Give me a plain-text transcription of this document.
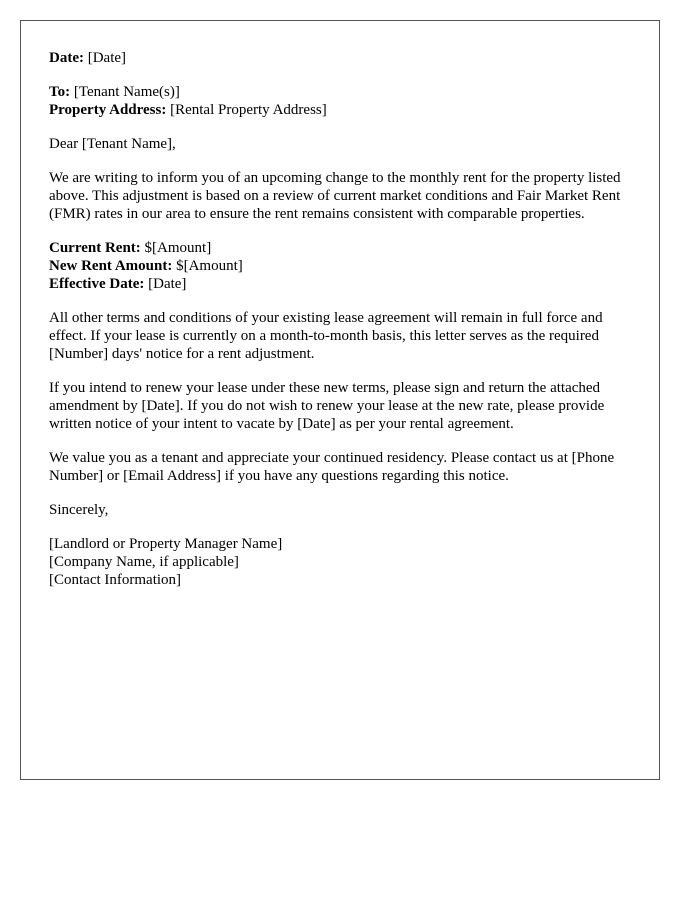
Date: [Date]
To: [Tenant Name(s)]
Property Address: [Rental Property Address]

Dear [Tenant Name],

We are writing to inform you of an upcoming change to the monthly rent for the property listed above. This adjustment is based on a review of current market conditions and Fair Market Rent (FMR) rates in our area to ensure the rent remains consistent with comparable properties.

Current Rent: $[Amount]
New Rent Amount: $[Amount]
Effective Date: [Date]

All other terms and conditions of your existing lease agreement will remain in full force and effect. If your lease is currently on a month-to-month basis, this letter serves as the required [Number] days' notice for a rent adjustment.

If you intend to renew your lease under these new terms, please sign and return the attached amendment by [Date]. If you do not wish to renew your lease at the new rate, please provide written notice of your intent to vacate by [Date] as per your rental agreement.

We value you as a tenant and appreciate your continued residency. Please contact us at [Phone Number] or [Email Address] if you have any questions regarding this notice.

Sincerely,

[Landlord or Property Manager Name]
[Company Name, if applicable]
[Contact Information]
